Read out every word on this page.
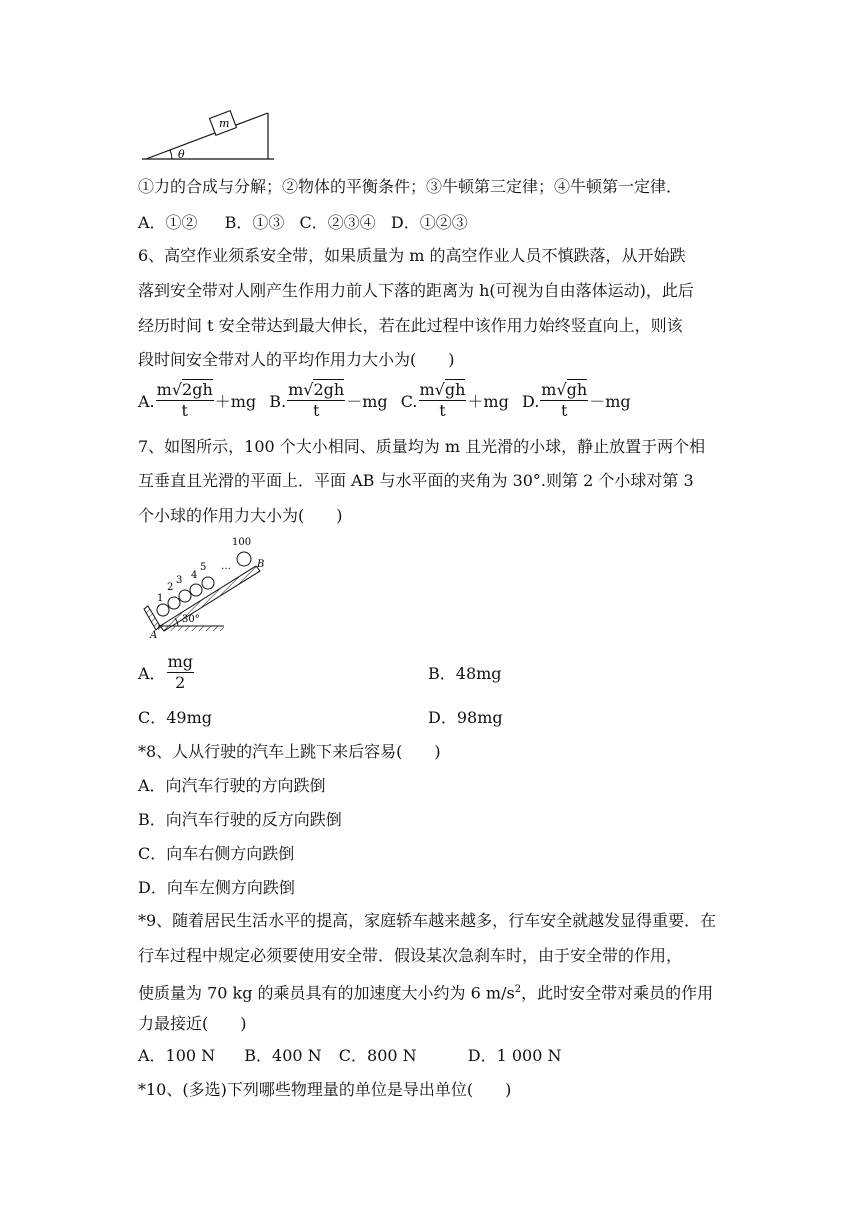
m
θ
①力的合成与分解；②物体的平衡条件；③牛顿第三定律；④牛顿第一定律．
A．①② B．①③ C．②③④ D．①②③
6、高空作业须系安全带，如果质量为 m 的高空作业人员不慎跌落，从开始跌
落到安全带对人刚产生作用力前人下落的距离为 h(可视为自由落体运动)，此后
经历时间 t 安全带达到最大伸长，若在此过程中该作用力始终竖直向上，则该
段时间安全带对人的平均作用力大小为(　　)
A. $\frac{m√2gh}{t} +mg$ B. $\frac{m√2gh}{t} -mg$ C. $\frac{m√gh}{t} +mg$ D. $\frac{m√gh}{t} -mg$
7、如图所示，100 个大小相同、质量均为 m 且光滑的小球，静止放置于两个相
互垂直且光滑的平面上．平面 AB 与水平面的夹角为 30°.则第 2 个小球对第 3
个小球的作用力大小为(　　)
1
2
3 4
5 …
100
B
A
30°
A． $\frac{mg}{2}$	B．48mg
C．49mg	D．98mg
*8、人从行驶的汽车上跳下来后容易(　　)
A．向汽车行驶的方向跌倒
B．向汽车行驶的反方向跌倒
C．向车右侧方向跌倒
D．向车左侧方向跌倒
*9、随着居民生活水平的提高，家庭轿车越来越多，行车安全就越发显得重要．在
行车过程中规定必须要使用安全带．假设某次急刹车时，由于安全带的作用，
使质量为 70 kg 的乘员具有的加速度大小约为 6 $m/s^2$，此时安全带对乘员的作用
力最接近(　　)
A．100 N B．400 N C．800 N	D．1 000 N
*10、(多选)下列哪些物理量的单位是导出单位(　　)
